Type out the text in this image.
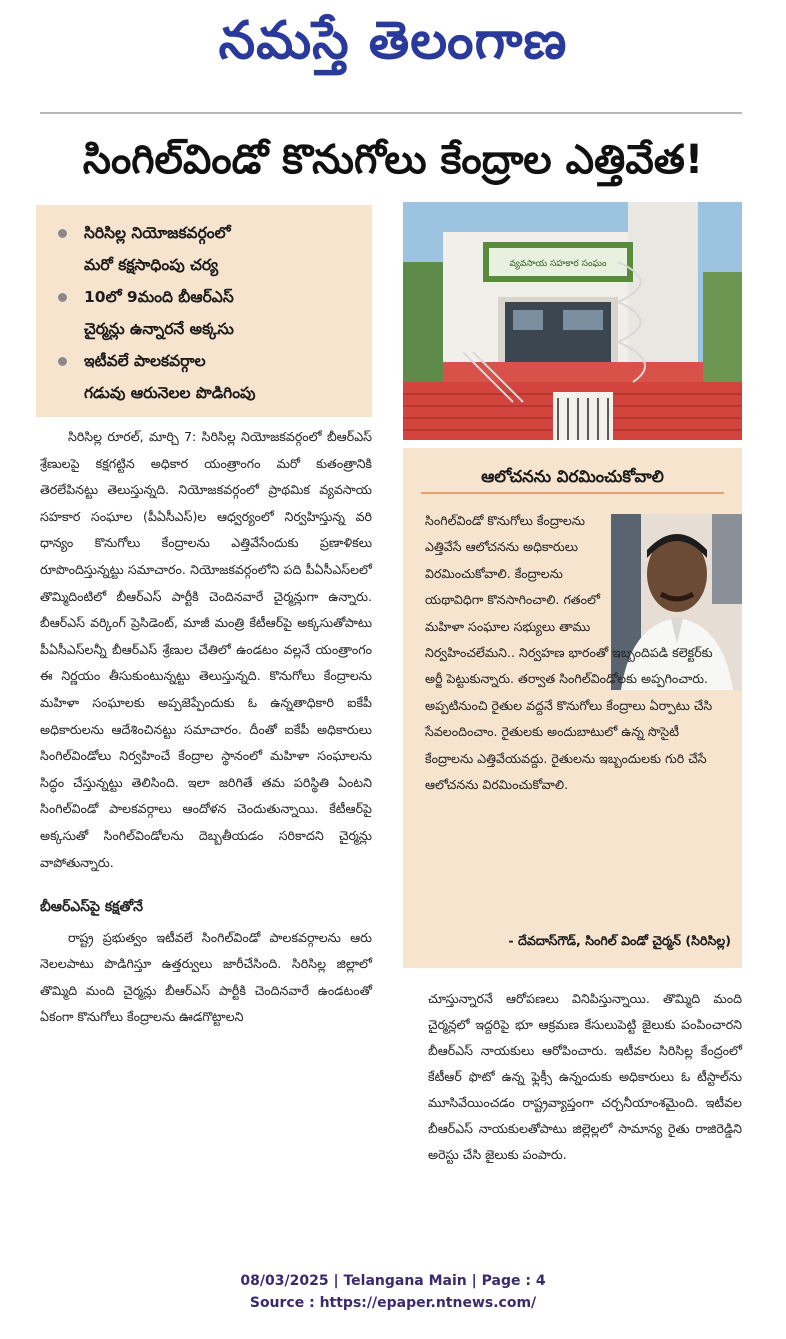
నమస్తే తెలంగాణ
సింగిల్‌విండో కొనుగోలు కేంద్రాల ఎత్తివేత!
సిరిసిల్ల నియోజకవర్గంలో
మరో కక్షసాధింపు చర్య
10లో 9మంది బీఆర్‌ఎస్‌
చైర్మన్లు ఉన్నారనే అక్కసు
ఇటీవలే పాలకవర్గాల
గడువు ఆరునెలల పొడిగింపు
వ్యవసాయ సహకార సంఘం

సిరిసిల్ల రూరల్‌, మార్చి 7: సిరిసిల్ల నియోజకవర్గంలో బీఆర్‌ఎస్‌ శ్రేణులపై కక్షగట్టిన అధికార యంత్రాంగం మరో కుతంత్రానికి తెరలేపినట్టు తెలుస్తున్నది. నియోజకవర్గంలో ప్రాథమిక వ్యవసాయ సహకార సంఘాల (పీఏసీఎస్‌)ల ఆధ్వర్యంలో నిర్వహిస్తున్న వరి ధాన్యం కొనుగోలు కేంద్రాలను ఎత్తివేసేందుకు ప్రణాళికలు రూపొందిస్తున్నట్టు సమాచారం. నియోజకవర్గంలోని పది పీఏసీఎస్‌లలో తొమ్మిదింటిలో బీఆర్‌ఎస్‌ పార్టీకి చెందినవారే చైర్మన్లుగా ఉన్నారు. బీఆర్‌ఎస్‌ వర్కింగ్‌ ప్రెసిడెంట్‌, మాజీ మంత్రి కేటీఆర్‌పై అక్కసుతోపాటు పీఏసీఎస్‌లన్నీ బీఆర్‌ఎస్‌ శ్రేణుల చేతిలో ఉండటం వల్లనే యంత్రాంగం ఈ నిర్ణయం తీసుకుంటున్నట్టు తెలుస్తున్నది. కొనుగోలు కేంద్రాలను మహిళా సంఘాలకు అప్పజెప్పేందుకు ఓ ఉన్నతాధికారి ఐకేపీ అధికారులను ఆదేశించినట్టు సమాచారం. దీంతో ఐకేపీ అధికారులు సింగిల్‌విండోలు నిర్వహించే కేంద్రాల స్థానంలో మహిళా సంఘాలను సిద్ధం చేస్తున్నట్టు తెలిసింది. ఇలా జరిగితే తమ పరిస్థితి ఏంటని సింగిల్‌విండో పాలకవర్గాలు ఆందోళన చెందుతున్నాయి. కేటీఆర్‌పై అక్కసుతో సింగిల్‌విండోలను దెబ్బతీయడం సరికాదని చైర్మన్లు వాపోతున్నారు.

బీఆర్‌ఎస్‌పై కక్షతోనే

రాష్ట్ర ప్రభుత్వం ఇటీవలే సింగిల్‌విండో పాలకవర్గాలను ఆరు నెలలపాటు పొడిగిస్తూ ఉత్తర్వులు జారీచేసింది. సిరిసిల్ల జిల్లాలో తొమ్మిది మంది చైర్మన్లు బీఆర్‌ఎస్‌ పార్టీకి చెందినవారే ఉండటంతో ఏకంగా కొనుగోలు కేంద్రాలను ఊడగొట్టాలని

ఆలోచనను విరమించుకోవాలి

సింగిల్‌విండో కొనుగోలు కేంద్రాలను ఎత్తివేసే ఆలోచనను అధికారులు విరమించుకోవాలి. కేంద్రాలను యథావిధిగా కొనసాగించాలి. గతంలో మహిళా సంఘాల సభ్యులు తాము

నిర్వహించలేమని.. నిర్వహణ భారంతో ఇబ్బందిపడి కలెక్టర్‌కు అర్జీ పెట్టుకున్నారు. తర్వాత సింగిల్‌విండోలకు అప్పగించారు. అప్పటినుంచి రైతుల వద్దనే కొనుగోలు కేంద్రాలు ఏర్పాటు చేసి సేవలందించాం. రైతులకు అందుబాటులో ఉన్న సొసైటీ కేంద్రాలను ఎత్తివేయవద్దు. రైతులను ఇబ్బందులకు గురి చేసే ఆలోచనను విరమించుకోవాలి.

- దేవదాస్‌గౌడ్‌, సింగిల్‌ విండో చైర్మన్‌ (సిరిసిల్ల)

చూస్తున్నారనే ఆరోపణలు వినిపిస్తున్నాయి. తొమ్మిది మంది చైర్మన్లలో ఇద్దరిపై భూ ఆక్రమణ కేసులుపెట్టి జైలుకు పంపించారని బీఆర్‌ఎస్‌ నాయకులు ఆరోపించారు. ఇటీవల సిరిసిల్ల కేంద్రంలో కేటీఆర్‌ ఫొటో ఉన్న ఫ్లెక్సీ ఉన్నందుకు అధికారులు ఓ టీస్టాల్‌ను మూసివేయించడం రాష్ట్రవ్యాప్తంగా చర్చనీయాంశమైంది. ఇటీవల బీఆర్‌ఎస్‌ నాయకులతోపాటు జిల్లెల్లలో సామాన్య రైతు రాజిరెడ్డిని అరెస్టు చేసి జైలుకు పంపారు.

08/03/2025 | Telangana Main | Page : 4
Source : https://epaper.ntnews.com/
